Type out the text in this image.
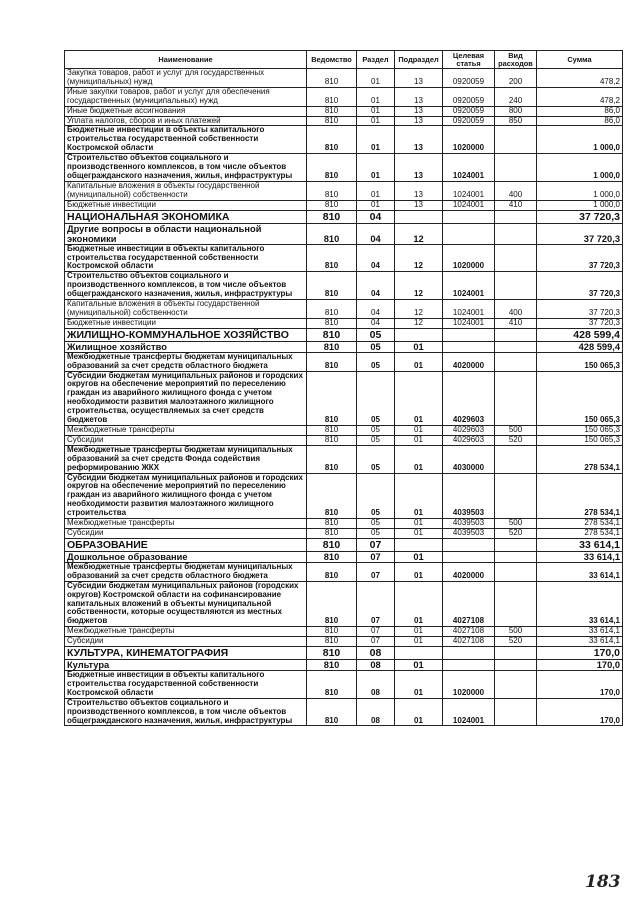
Наименование	Ведомство	Раздел	Подраздел	Целевая статья	Вид расходов	Сумма
Закупка товаров, работ и услуг для государственных (муниципальных) нужд	810	01	13	0920059	200	478,2
Иные закупки товаров, работ и услуг для обеспечения государственных (муниципальных) нужд	810	01	13	0920059	240	478,2
Иные бюджетные ассигнования	810	01	13	0920059	800	86,0
Уплата налогов, сборов и иных платежей	810	01	13	0920059	850	86,0
Бюджетные инвестиции в объекты капитального строительства государственной собственности Костромской области	810	01	13	1020000		1 000,0
Строительство объектов социального и производственного комплексов, в том числе объектов общегражданского назначения, жилья, инфраструктуры	810	01	13	1024001		1 000,0
Капитальные вложения в объекты государственной (муниципальной) собственности	810	01	13	1024001	400	1 000,0
Бюджетные инвестиции	810	01	13	1024001	410	1 000,0
НАЦИОНАЛЬНАЯ ЭКОНОМИКА	810	04				37 720,3
Другие вопросы в области национальной экономики	810	04	12			37 720,3
Бюджетные инвестиции в объекты капитального строительства государственной собственности Костромской области	810	04	12	1020000		37 720,3
Строительство объектов социального и производственного комплексов, в том числе объектов общегражданского назначения, жилья, инфраструктуры	810	04	12	1024001		37 720,3
Капитальные вложения в объекты государственной (муниципальной) собственности	810	04	12	1024001	400	37 720,3
Бюджетные инвестиции	810	04	12	1024001	410	37 720,3
ЖИЛИЩНО-КОММУНАЛЬНОЕ ХОЗЯЙСТВО	810	05				428 599,4
Жилищное хозяйство	810	05	01			428 599,4
Межбюджетные трансферты бюджетам муниципальных образований за счет средств областного бюджета	810	05	01	4020000		150 065,3
Субсидии бюджетам муниципальных районов и городских округов на обеспечение мероприятий по переселению граждан из аварийного жилищного фонда с учетом необходимости развития малоэтажного жилищного строительства, осуществляемых за счет средств бюджетов	810	05	01	4029603		150 065,3
Межбюджетные трансферты	810	05	01	4029603	500	150 065,3
Субсидии	810	05	01	4029603	520	150 065,3
Межбюджетные трансферты бюджетам муниципальных образований за счет средств Фонда содействия реформированию ЖКХ	810	05	01	4030000		278 534,1
Субсидии бюджетам муниципальных районов и городских округов на обеспечение мероприятий по переселению граждан из аварийного жилищного фонда с учетом необходимости развития малоэтажного жилищного строительства	810	05	01	4039503		278 534,1
Межбюджетные трансферты	810	05	01	4039503	500	278 534,1
Субсидии	810	05	01	4039503	520	278 534,1
ОБРАЗОВАНИЕ	810	07				33 614,1
Дошкольное образование	810	07	01			33 614,1
Межбюджетные трансферты бюджетам муниципальных образований за счет средств областного бюджета	810	07	01	4020000		33 614,1
Субсидии бюджетам муниципальных районов (городских округов) Костромской области на софинансирование капитальных вложений в объекты муниципальной собственности, которые осуществляются из местных бюджетов	810	07	01	4027108		33 614,1
Межбюджетные трансферты	810	07	01	4027108	500	33 614,1
Субсидии	810	07	01	4027108	520	33 614,1
КУЛЬТУРА, КИНЕМАТОГРАФИЯ	810	08				170,0
Культура	810	08	01			170,0
Бюджетные инвестиции в объекты капитального строительства государственной собственности Костромской области	810	08	01	1020000		170,0
Строительство объектов социального и производственного комплексов, в том числе объектов общегражданского назначения, жилья, инфраструктуры	810	08	01	1024001		170,0
183
